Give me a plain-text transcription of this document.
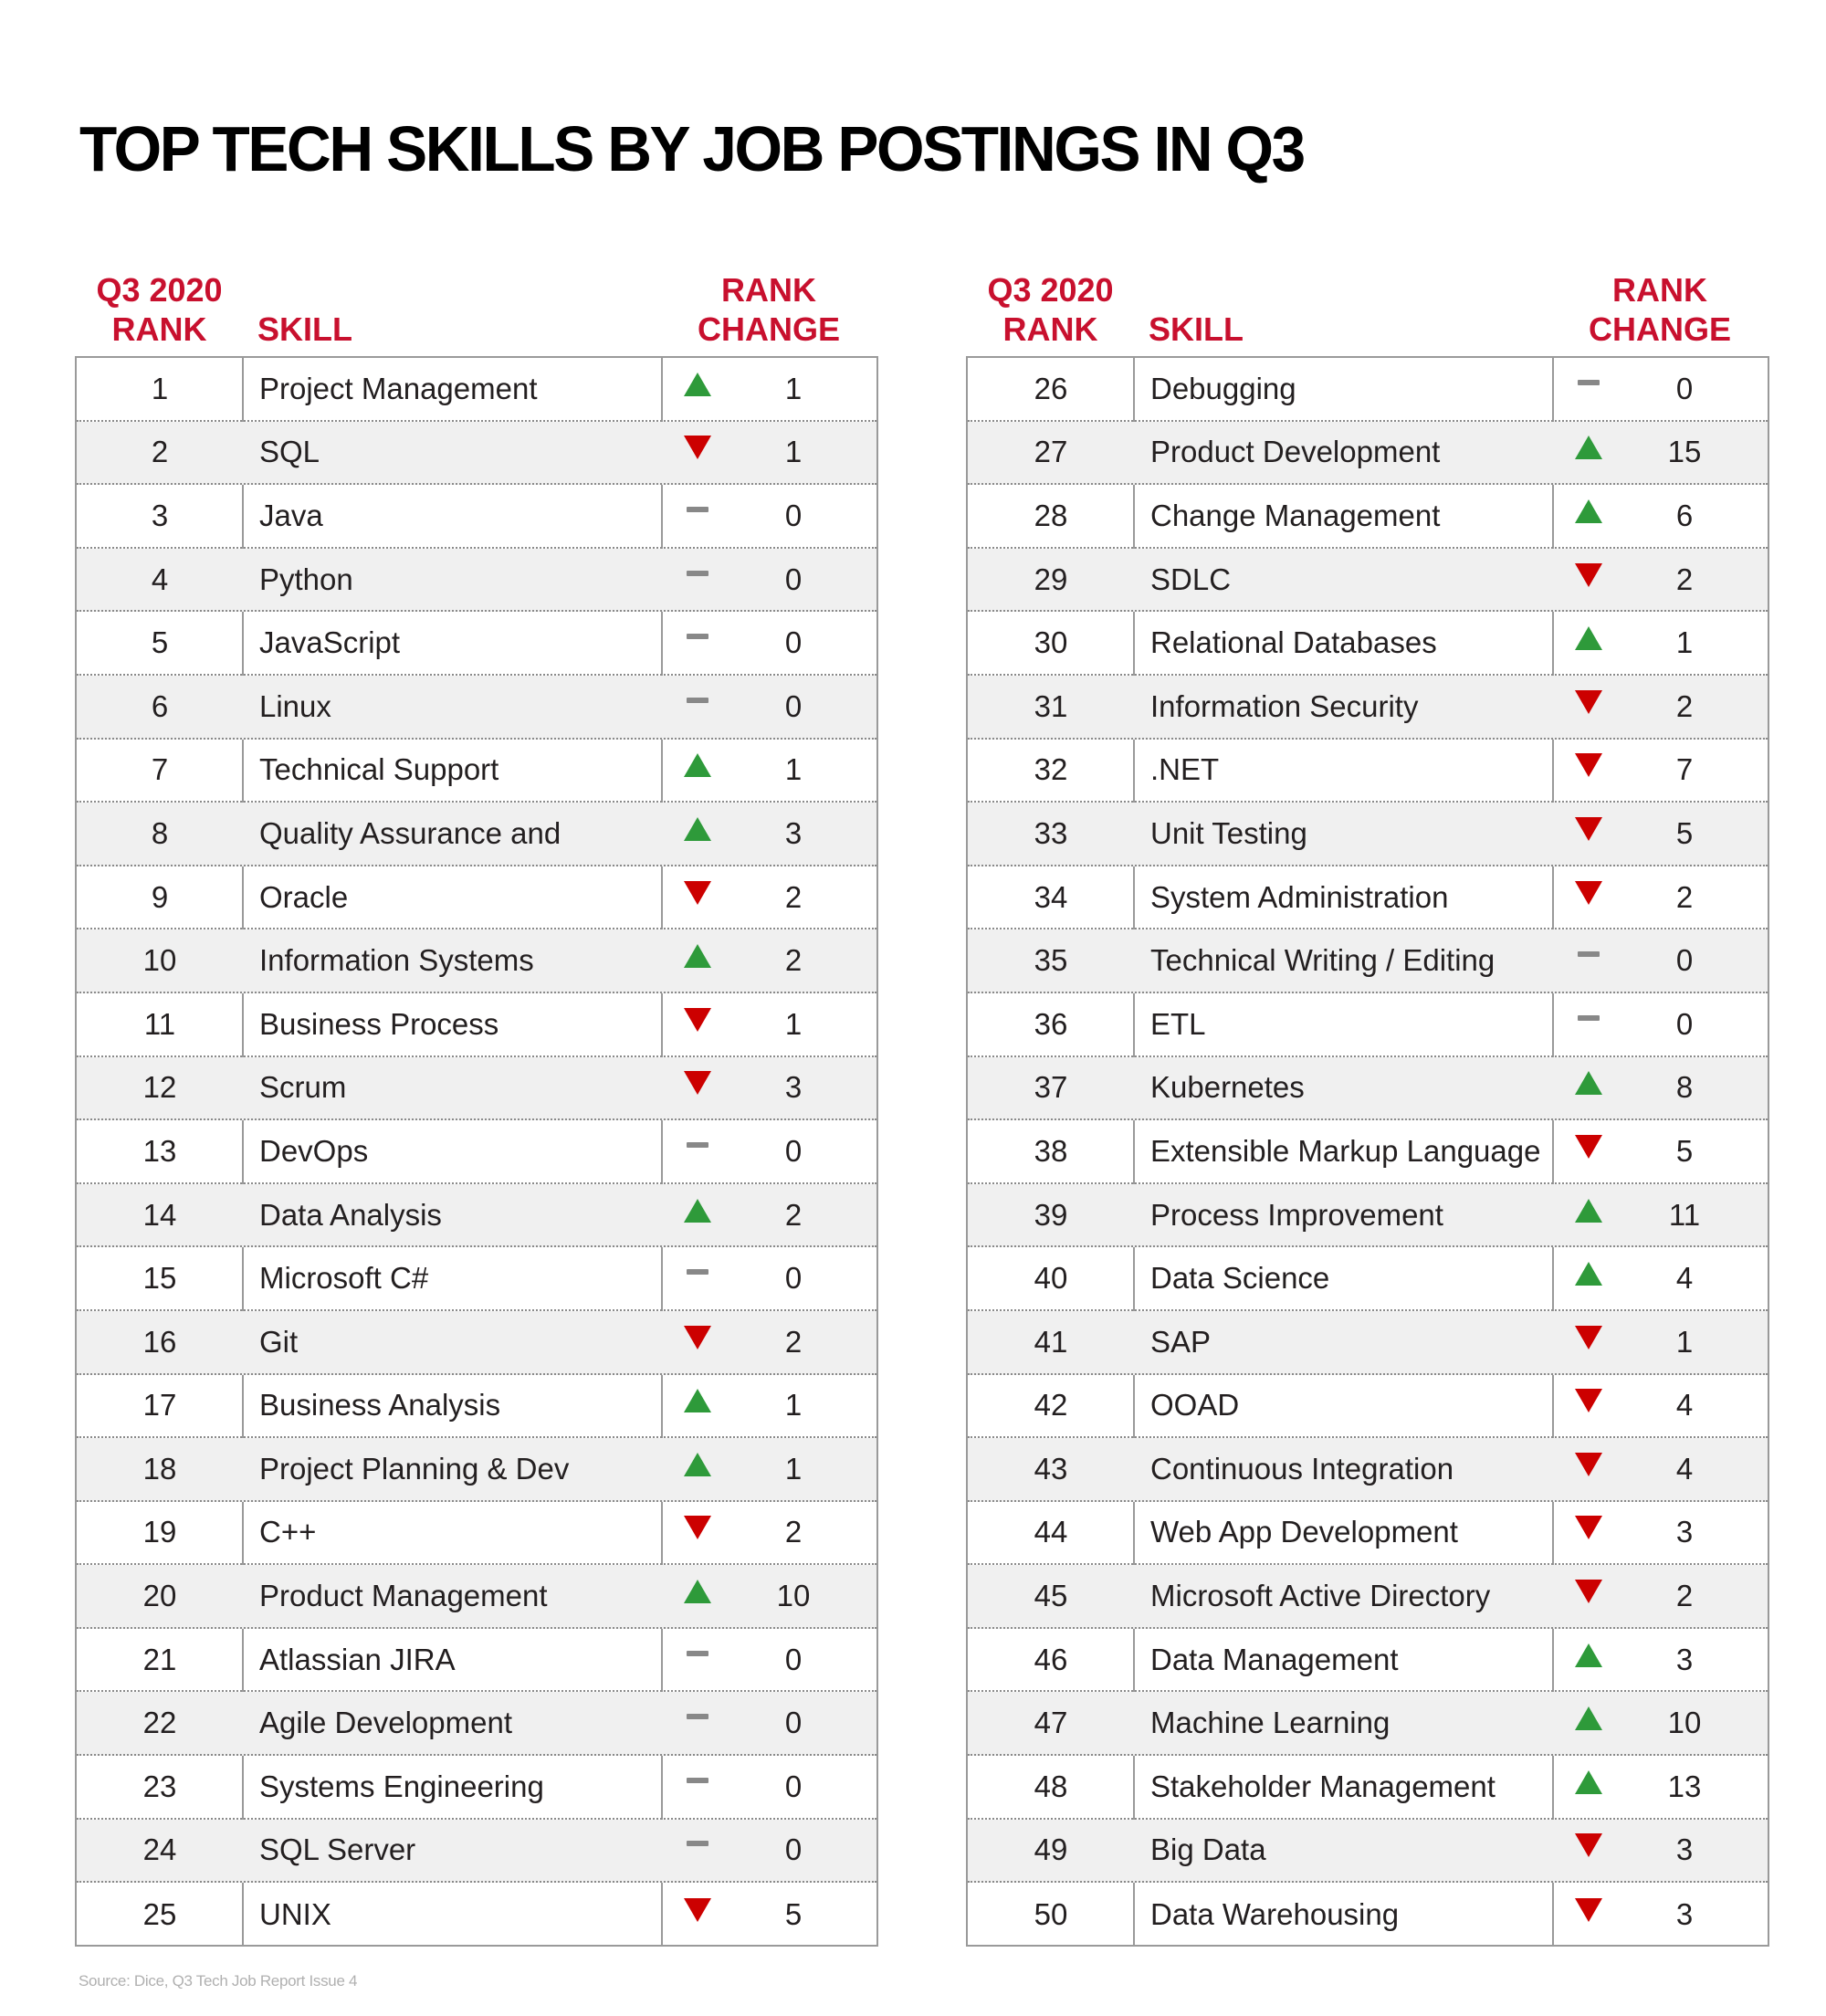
TOP TECH SKILLS BY JOB POSTINGS IN Q3
Q3 2020
RANK	SKILL
RANK
CHANGE
1	Project Management	1
2	SQL	1
3	Java	0
4	Python	0
5	JavaScript	0
6	Linux	0
7	Technical Support	1
8	Quality Assurance and	3
9	Oracle	2
10	Information Systems	2
11	Business Process	1
12	Scrum	3
13	DevOps	0
14	Data Analysis	2
15	Microsoft C#	0
16	Git	2
17	Business Analysis	1
18	Project Planning & Dev	1
19	C++	2
20	Product Management	10
21	Atlassian JIRA	0
22	Agile Development	0
23	Systems Engineering	0
24	SQL Server	0
25	UNIX	5
Q3 2020
RANK	SKILL
RANK
CHANGE
26	Debugging	0
27	Product Development	15
28	Change Management	6
29	SDLC	2
30	Relational Databases	1
31	Information Security	2
32	.NET	7
33	Unit Testing	5
34	System Administration	2
35	Technical Writing / Editing	0
36	ETL	0
37	Kubernetes	8
38	Extensible Markup Language	5
39	Process Improvement	11
40	Data Science	4
41	SAP	1
42	OOAD	4
43	Continuous Integration	4
44	Web App Development	3
45	Microsoft Active Directory	2
46	Data Management	3
47	Machine Learning	10
48	Stakeholder Management	13
49	Big Data	3
50	Data Warehousing	3
Source: Dice, Q3 Tech Job Report Issue 4
